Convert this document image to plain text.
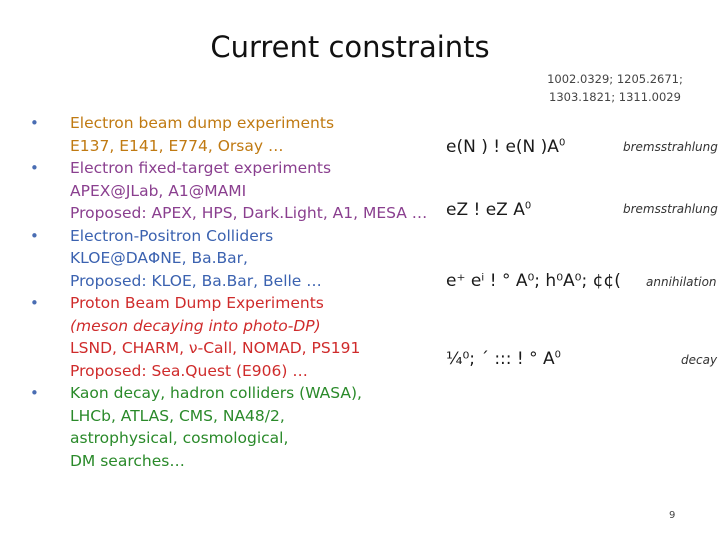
Current constraints
1002.0329; 1205.2671;
1303.1821; 1311.0029
• Electron beam dump experiments
E137, E141, E774, Orsay …
• Electron fixed-target experiments
APEX@JLab, A1@MAMI
Proposed: APEX, HPS, Dark.Light, A1, MESA …
• Electron-Positron Colliders
KLOE@DAΦNE, Ba.Bar,
Proposed: KLOE, Ba.Bar, Belle …
• Proton Beam Dump Experiments
(meson decaying into photo-DP)
LSND, CHARM, ν-Call, NOMAD, PS191
Proposed: Sea.Quest (E906) …
• Kaon decay, hadron colliders (WASA),
LHCb, ATLAS, CMS, NA48/2,
astrophysical, cosmological,
DM searches…
e(N ) ! e(N )$A^0$	bremsstrahlung
eZ ! eZ $A^0$	bremsstrahlung
e⁺ eⁱ ! ° A⁰; h⁰A⁰; ¢¢( annihilation
¼⁰; ´ ::: ! ° $A^0$	decay
9
